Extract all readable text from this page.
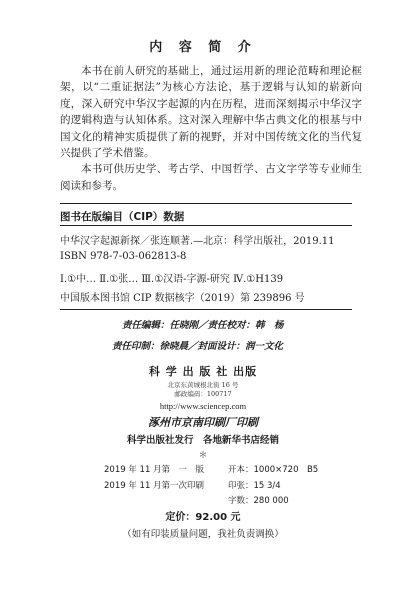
内 容 简 介

本书在前人研究的基础上，通过运用新的理论范畴和理论框架，以“二重证据法”为核心方法论，基于逻辑与认知的崭新向度，深入研究中华汉字起源的内在历程，进而深刻揭示中华汉字的逻辑构造与认知体系。这对深入理解中华古典文化的根基与中国文化的精神实质提供了新的视野，并对中国传统文化的当代复兴提供了学术借鉴。

本书可供历史学、考古学、中国哲学、古文字学等专业师生阅读和参考。

图书在版编目（CIP）数据
中华汉字起源新探／张连顺著.—北京：科学出版社，2019.11
ISBN 978-7-03-062813-8
Ⅰ.①中… Ⅱ.①张… Ⅲ.①汉语-字源-研究 Ⅳ.①H139
中国版本图书馆 CIP 数据核字（2019）第 239896 号
责任编辑：任晓刚／责任校对：韩　杨
责任印制：徐晓晨／封面设计：润一文化
科 学 出 版 社 出版
北京东黄城根北街 16 号
邮政编码：100717
http://www.sciencep.com
涿州市京南印刷厂印刷
科学出版社发行　各地新华书店经销
＊
2019 年 11 月第　一　版	开本：1000×720　B5
2019 年 11 月第一次印刷	印张：15 3/4
字数：280 000
定价：92.00 元
（如有印装质量问题，我社负责调换）
